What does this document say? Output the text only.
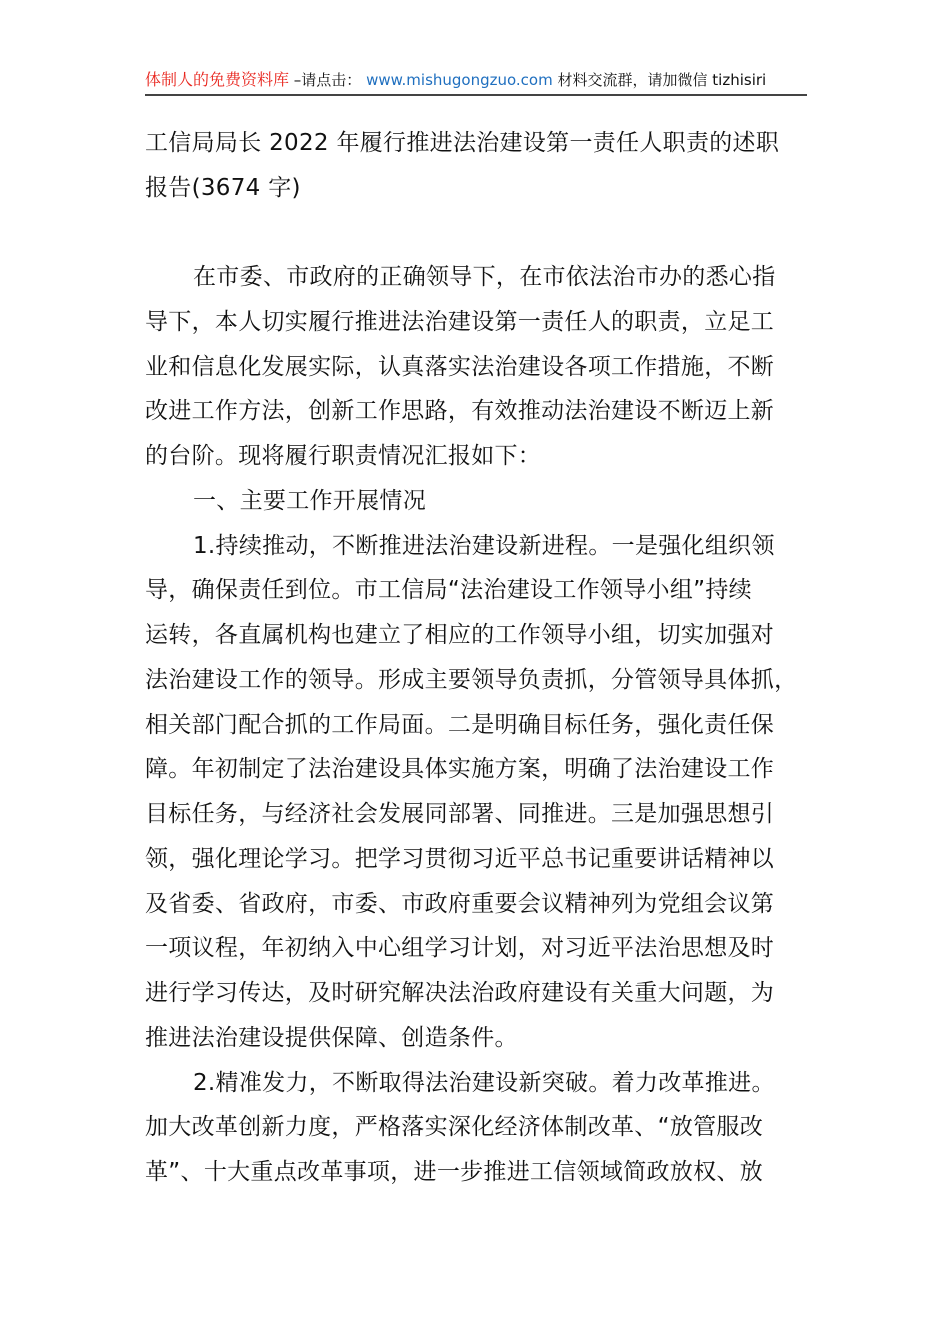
体制人的免费资料库 –请点击： www.mishugongzuo.com 材料交流群，请加微信 tizhisiri
工信局局长 2022 年履行推进法治建设第一责任人职责的述职
报告(3674 字)
在市委、市政府的正确领导下，在市依法治市办的悉心指
导下，本人切实履行推进法治建设第一责任人的职责，立足工
业和信息化发展实际，认真落实法治建设各项工作措施，不断
改进工作方法，创新工作思路，有效推动法治建设不断迈上新
的台阶。现将履行职责情况汇报如下：
一、主要工作开展情况
1.持续推动，不断推进法治建设新进程。一是强化组织领
导，确保责任到位。市工信局“法治建设工作领导小组”持续
运转，各直属机构也建立了相应的工作领导小组，切实加强对
法治建设工作的领导。形成主要领导负责抓，分管领导具体抓，
相关部门配合抓的工作局面。二是明确目标任务，强化责任保
障。年初制定了法治建设具体实施方案，明确了法治建设工作
目标任务，与经济社会发展同部署、同推进。三是加强思想引
领，强化理论学习。把学习贯彻习近平总书记重要讲话精神以
及省委、省政府，市委、市政府重要会议精神列为党组会议第
一项议程，年初纳入中心组学习计划，对习近平法治思想及时
进行学习传达，及时研究解决法治政府建设有关重大问题，为
推进法治建设提供保障、创造条件。
2.精准发力，不断取得法治建设新突破。着力改革推进。
加大改革创新力度，严格落实深化经济体制改革、“放管服改
革”、十大重点改革事项，进一步推进工信领域简政放权、放
